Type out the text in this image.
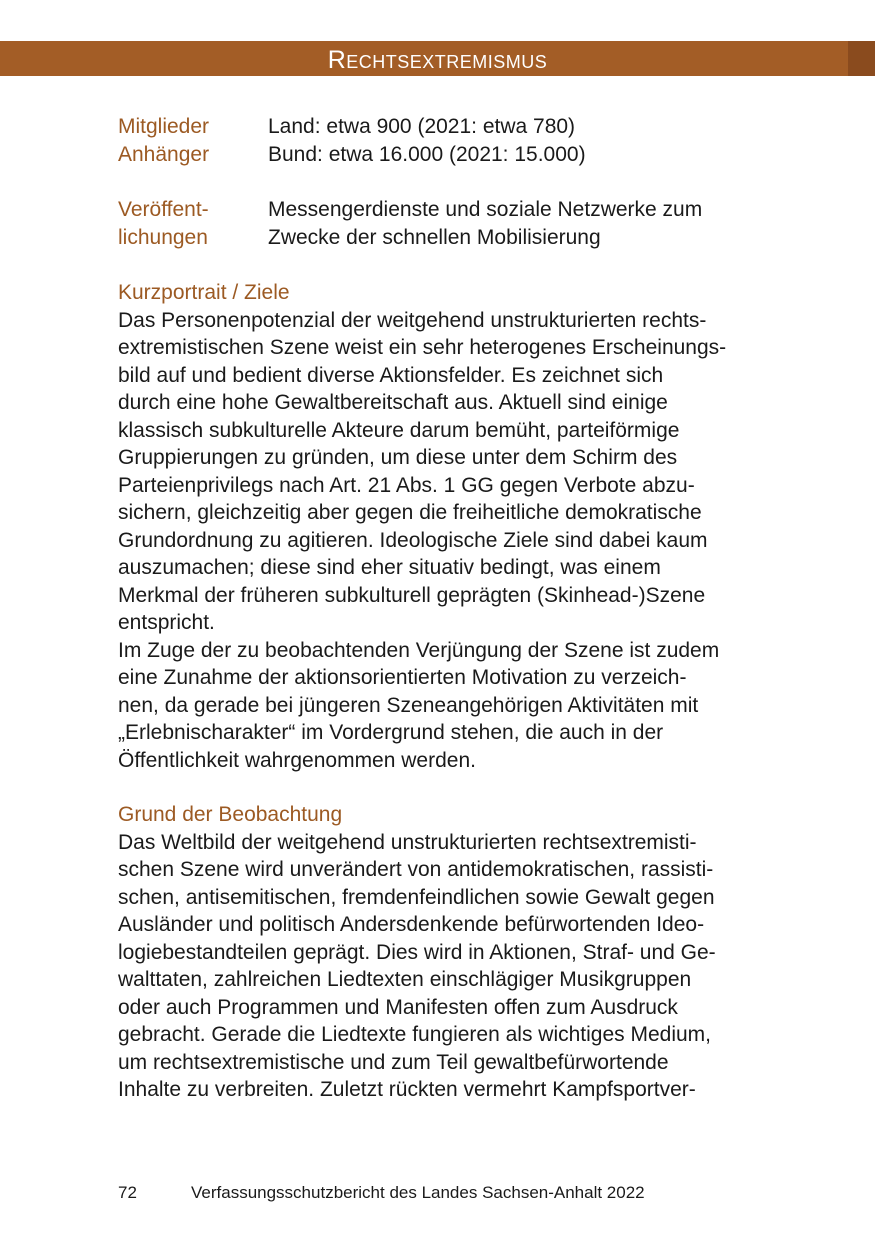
Rechtsextremismus
Mitglieder	Land: etwa 900 (2021: etwa 780)
Anhänger	Bund: etwa 16.000 (2021: 15.000)
Veröffent-	Messengerdienste und soziale Netzwerke zum
lichungen	Zwecke der schnellen Mobilisierung
Kurzportrait / Ziele
Das Personenpotenzial der weitgehend unstrukturierten rechts-
extremistischen Szene weist ein sehr heterogenes Erscheinungs-
bild auf und bedient diverse Aktionsfelder. Es zeichnet sich
durch eine hohe Gewaltbereitschaft aus. Aktuell sind einige
klassisch subkulturelle Akteure darum bemüht, parteiförmige
Gruppierungen zu gründen, um diese unter dem Schirm des
Parteienprivilegs nach Art. 21 Abs. 1 GG gegen Verbote abzu-
sichern, gleichzeitig aber gegen die freiheitliche demokratische
Grundordnung zu agitieren. Ideologische Ziele sind dabei kaum
auszumachen; diese sind eher situativ bedingt, was einem
Merkmal der früheren subkulturell geprägten (Skinhead-)Szene
entspricht.
Im Zuge der zu beobachtenden Verjüngung der Szene ist zudem
eine Zunahme der aktionsorientierten Motivation zu verzeich-
nen, da gerade bei jüngeren Szeneangehörigen Aktivitäten mit
„Erlebnischarakter“ im Vordergrund stehen, die auch in der
Öffentlichkeit wahrgenommen werden.
Grund der Beobachtung
Das Weltbild der weitgehend unstrukturierten rechtsextremisti-
schen Szene wird unverändert von antidemokratischen, rassisti-
schen, antisemitischen, fremdenfeindlichen sowie Gewalt gegen
Ausländer und politisch Andersdenkende befürwortenden Ideo-
logiebestandteilen geprägt. Dies wird in Aktionen, Straf- und Ge-
walttaten, zahlreichen Liedtexten einschlägiger Musikgruppen
oder auch Programmen und Manifesten offen zum Ausdruck
gebracht. Gerade die Liedtexte fungieren als wichtiges Medium,
um rechtsextremistische und zum Teil gewaltbefürwortende
Inhalte zu verbreiten. Zuletzt rückten vermehrt Kampfsportver-
72	Verfassungsschutzbericht des Landes Sachsen-Anhalt 2022
